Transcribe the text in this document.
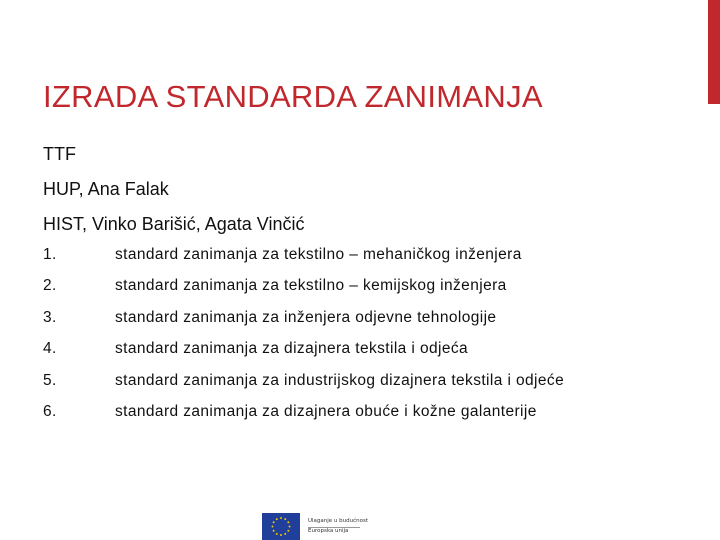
IZRADA STANDARDA ZANIMANJA
TTF
HUP, Ana Falak
HIST, Vinko Barišić, Agata Vinčić
1.	standard zanimanja za tekstilno – mehaničkog inženjera
2.	standard zanimanja za tekstilno – kemijskog inženjera
3.	standard zanimanja za inženjera odjevne tehnologije
4.	standard zanimanja za dizajnera tekstila i odjeća
5.	standard zanimanja za industrijskog dizajnera tekstila i odjeće
6.	standard zanimanja za dizajnera obuće i kožne galanterije
Ulaganje u budućnost
Europska unija
